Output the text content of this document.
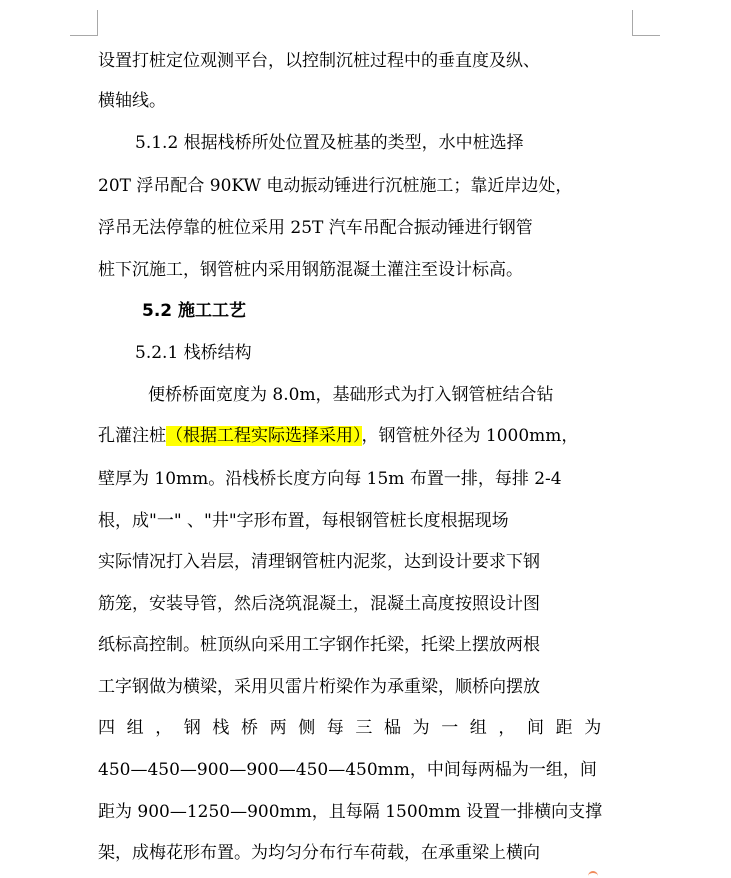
设置打桩定位观测平台，以控制沉桩过程中的垂直度及纵、
横轴线。
5.1.2 根据栈桥所处位置及桩基的类型，水中桩选择
20T 浮吊配合 90KW 电动振动锤进行沉桩施工；靠近岸边处，
浮吊无法停靠的桩位采用 25T 汽车吊配合振动锤进行钢管
桩下沉施工，钢管桩内采用钢筋混凝土灌注至设计标高。
5.2 施工工艺
5.2.1 栈桥结构
便桥桥面宽度为 8.0m，基础形式为打入钢管桩结合钻
孔灌注桩（根据工程实际选择采用），钢管桩外径为 1000mm，
壁厚为 10mm。沿栈桥长度方向每 15m 布置一排，每排 2-4
根，成"一" 、"井"字形布置，每根钢管桩长度根据现场
实际情况打入岩层，清理钢管桩内泥浆，达到设计要求下钢
筋笼，安装导管，然后浇筑混凝土，混凝土高度按照设计图
纸标高控制。桩顶纵向采用工字钢作托梁，托梁上摆放两根
工字钢做为横梁，采用贝雷片桁梁作为承重梁，顺桥向摆放
四组，钢栈桥两侧每三榀为一组，间距为
450—450—900—900—450—450mm，中间每两榀为一组，间
距为 900—1250—900mm，且每隔 1500mm 设置一排横向支撑
架，成梅花形布置。为均匀分布行车荷载，在承重梁上横向
